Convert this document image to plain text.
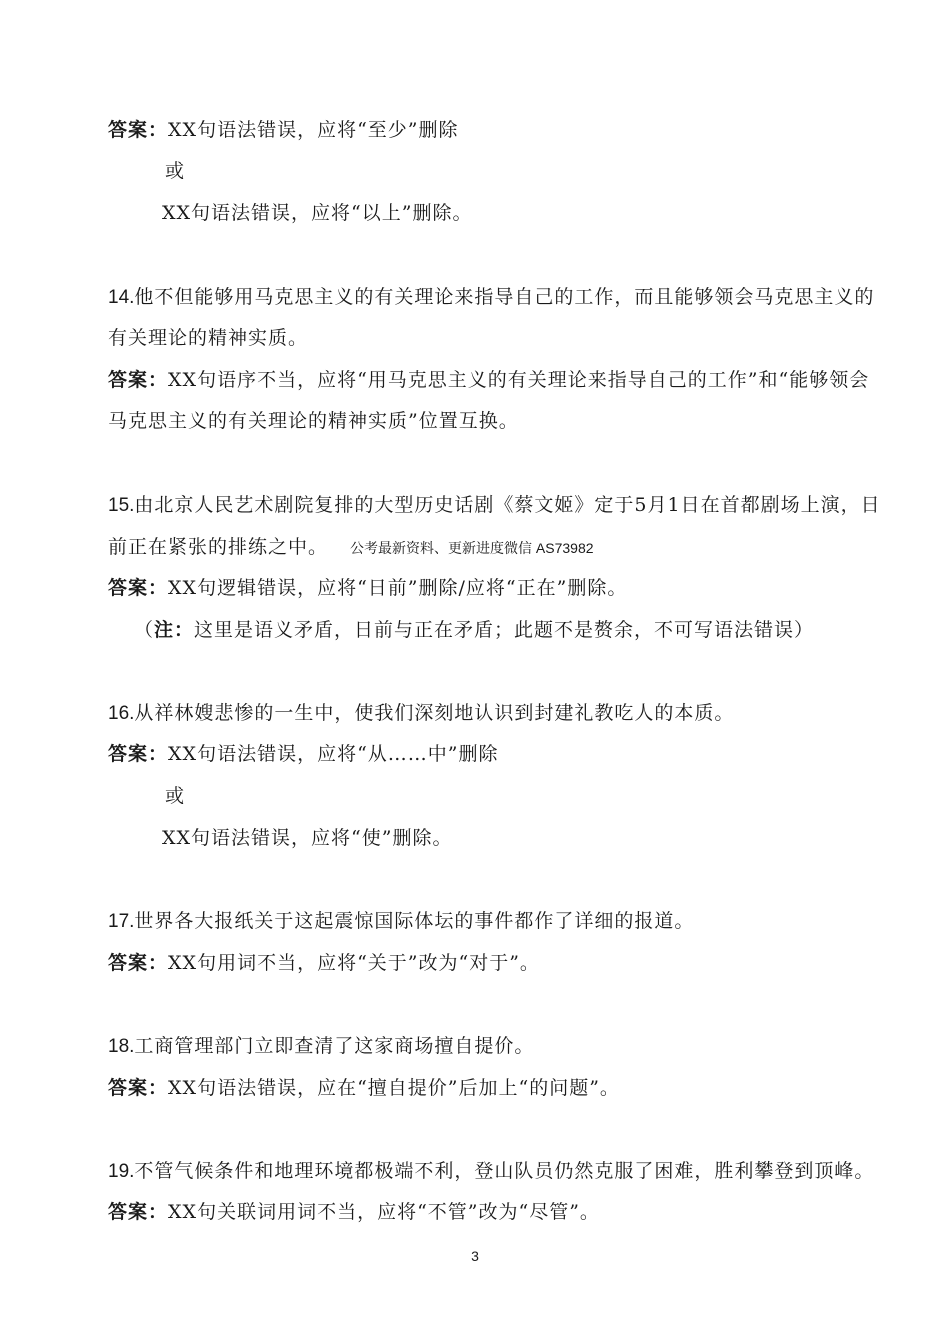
答案：XX句语法错误，应将“至少”删除
或
XX句语法错误，应将“以上”删除。
14.他不但能够用马克思主义的有关理论来指导自己的工作，而且能够领会马克思主义的
有关理论的精神实质。
答案：XX句语序不当，应将“用马克思主义的有关理论来指导自己的工作”和“能够领会
马克思主义的有关理论的精神实质”位置互换。
15.由北京人民艺术剧院复排的大型历史话剧《蔡文姬》定于5月1日在首都剧场上演，日
前正在紧张的排练之中。 公考最新资料、更新进度微信 AS73982
答案：XX句逻辑错误，应将“日前”删除/应将“正在”删除。
（注：这里是语义矛盾，日前与正在矛盾；此题不是赘余，不可写语法错误）
16.从祥林嫂悲惨的一生中，使我们深刻地认识到封建礼教吃人的本质。
答案：XX句语法错误，应将“从……中”删除
或
XX句语法错误，应将“使”删除。
17.世界各大报纸关于这起震惊国际体坛的事件都作了详细的报道。
答案：XX句用词不当，应将“关于”改为“对于”。
18.工商管理部门立即查清了这家商场擅自提价。
答案：XX句语法错误，应在“擅自提价”后加上“的问题”。
19.不管气候条件和地理环境都极端不利，登山队员仍然克服了困难，胜利攀登到顶峰。
答案：XX句关联词用词不当，应将“不管”改为“尽管”。
3
